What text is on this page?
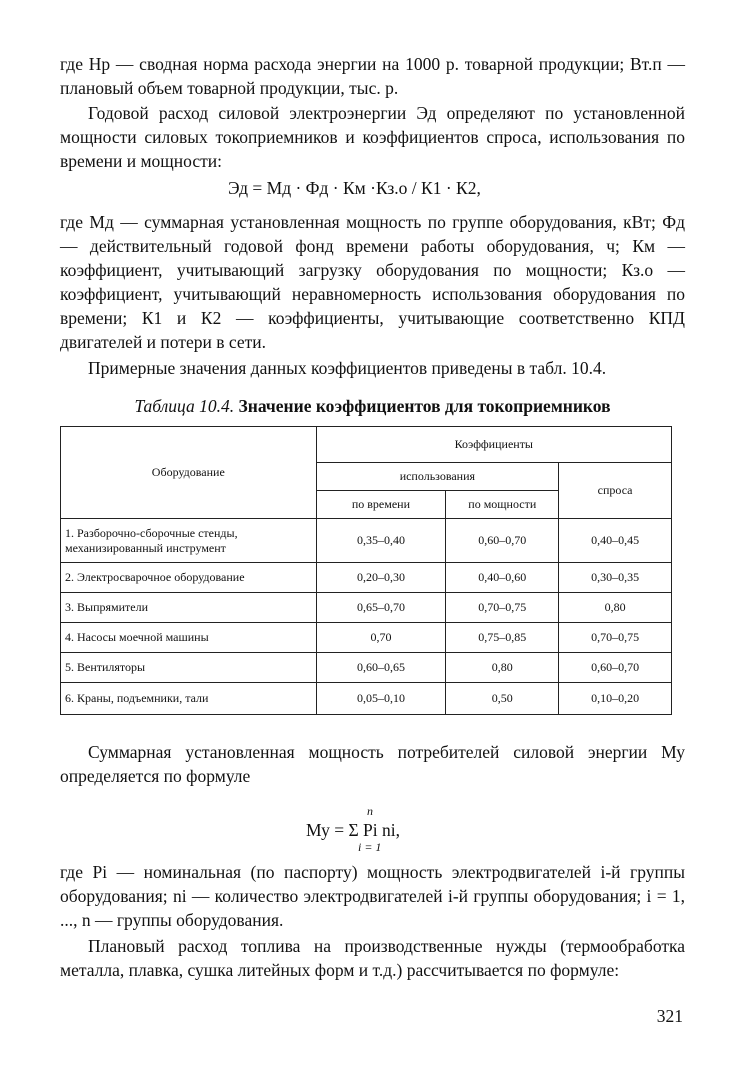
где Нр — сводная норма расхода энергии на 1000 р. товарной продукции; Вт.п — плановый объем товарной продукции, тыс. р.

Годовой расход силовой электроэнергии Эд определяют по установленной мощности силовых токоприемников и коэффициентов спроса, использования по времени и мощности:

Эд = Мд · Фд · Км ·Кз.о / К1 · К2,

где Мд — суммарная установленная мощность по группе оборудования, кВт; Фд — действительный годовой фонд времени работы оборудования, ч; Км — коэффициент, учитывающий загрузку оборудования по мощности; Кз.о — коэффициент, учитывающий неравномерность использования оборудования по времени; К1 и К2 — коэффициенты, учитывающие соответственно КПД двигателей и потери в сети.

Примерные значения данных коэффициентов приведены в табл. 10.4.

Таблица 10.4. Значение коэффициентов для токоприемников
Оборудование	Коэффициенты		
	использования		спроса
	по времени	по мощности	
1. Разборочно-сборочные стенды, механизированный инструмент	0,35–0,40	0,60–0,70	0,40–0,45
2. Электросварочное оборудование	0,20–0,30	0,40–0,60	0,30–0,35
3. Выпрямители	0,65–0,70	0,70–0,75	0,80
4. Насосы моечной машины	0,70	0,75–0,85	0,70–0,75
5. Вентиляторы	0,60–0,65	0,80	0,60–0,70
6. Краны, подъемники, тали	0,05–0,10	0,50	0,10–0,20

Суммарная установленная мощность потребителей силовой энергии Му определяется по формуле

n
Му = Σ Pi ni,
i = 1

где Pi — номинальная (по паспорту) мощность электродвигателей i-й группы оборудования; ni — количество электродвигателей i-й группы оборудования; i = 1, ..., n — группы оборудования.

Плановый расход топлива на производственные нужды (термообработка металла, плавка, сушка литейных форм и т.д.) рассчитывается по формуле:

321
